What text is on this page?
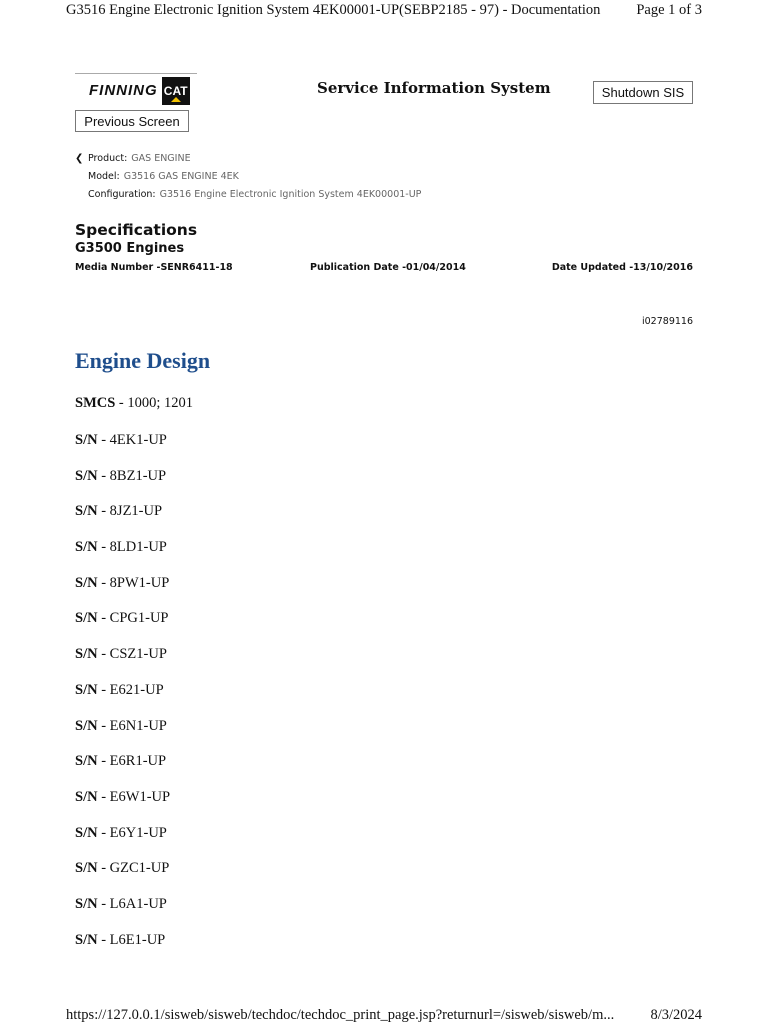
G3516 Engine Electronic Ignition System 4EK00001-UP(SEBP2185 - 97) - Documentation Page 1 of 3
FINNING CAT	Service Information System	Shutdown SIS
Previous Screen
❮ Product: GAS ENGINE
Model: G3516 GAS ENGINE 4EK
Configuration: G3516 Engine Electronic Ignition System 4EK00001-UP
Specifications
G3500 Engines
Media Number -SENR6411-18	Publication Date -01/04/2014	Date Updated -13/10/2016
i02789116
Engine Design
SMCS - 1000; 1201
S/N - 4EK1-UP
S/N - 8BZ1-UP
S/N - 8JZ1-UP
S/N - 8LD1-UP
S/N - 8PW1-UP
S/N - CPG1-UP
S/N - CSZ1-UP
S/N - E621-UP
S/N - E6N1-UP
S/N - E6R1-UP
S/N - E6W1-UP
S/N - E6Y1-UP
S/N - GZC1-UP
S/N - L6A1-UP
S/N - L6E1-UP
https://127.0.0.1/sisweb/sisweb/techdoc/techdoc_print_page.jsp?returnurl=/sisweb/sisweb/m... 8/3/2024
